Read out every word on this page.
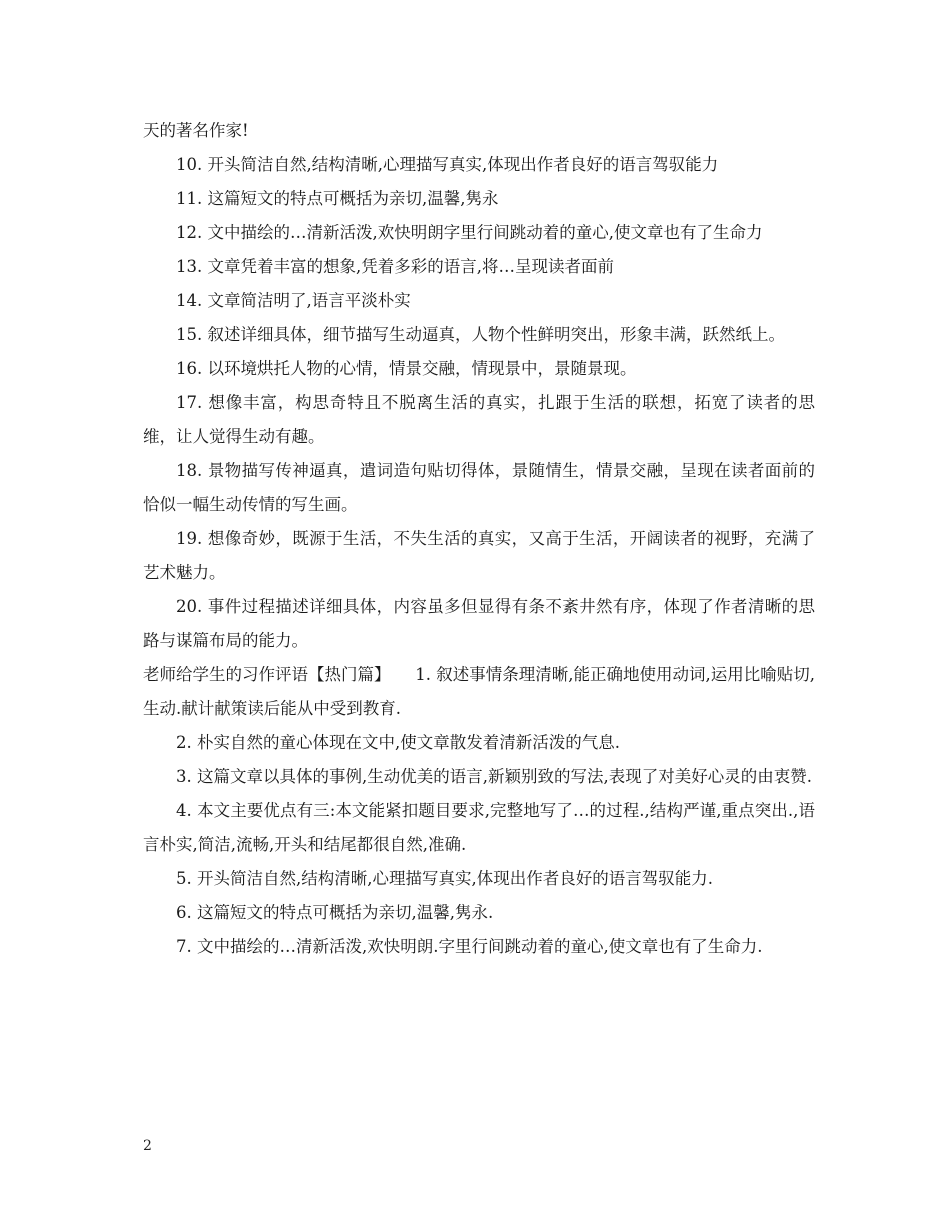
天的著名作家!

10. 开头简洁自然,结构清晰,心理描写真实,体现出作者良好的语言驾驭能力

11. 这篇短文的特点可概括为亲切,温馨,隽永

12. 文中描绘的…清新活泼,欢快明朗字里行间跳动着的童心,使文章也有了生命力

13. 文章凭着丰富的想象,凭着多彩的语言,将…呈现读者面前

14. 文章简洁明了,语言平淡朴实

15. 叙述详细具体，细节描写生动逼真，人物个性鲜明突出，形象丰满，跃然纸上。

16. 以环境烘托人物的心情，情景交融，情现景中，景随景现。

17. 想像丰富，构思奇特且不脱离生活的真实，扎跟于生活的联想，拓宽了读者的思维，让人觉得生动有趣。

18. 景物描写传神逼真，遣词造句贴切得体，景随情生，情景交融，呈现在读者面前的恰似一幅生动传情的写生画。

19. 想像奇妙，既源于生活，不失生活的真实，又高于生活，开阔读者的视野，充满了艺术魅力。

20. 事件过程描述详细具体，内容虽多但显得有条不紊井然有序，体现了作者清晰的思路与谋篇布局的能力。

老师给学生的习作评语【热门篇】　　1. 叙述事情条理清晰,能正确地使用动词,运用比喻贴切,生动.献计献策读后能从中受到教育.

2. 朴实自然的童心体现在文中,使文章散发着清新活泼的气息.

3. 这篇文章以具体的事例,生动优美的语言,新颖别致的写法,表现了对美好心灵的由衷赞.

4. 本文主要优点有三:本文能紧扣题目要求,完整地写了…的过程.,结构严谨,重点突出.,语言朴实,简洁,流畅,开头和结尾都很自然,准确.

5. 开头简洁自然,结构清晰,心理描写真实,体现出作者良好的语言驾驭能力.

6. 这篇短文的特点可概括为亲切,温馨,隽永.

7. 文中描绘的…清新活泼,欢快明朗.字里行间跳动着的童心,使文章也有了生命力.

2
